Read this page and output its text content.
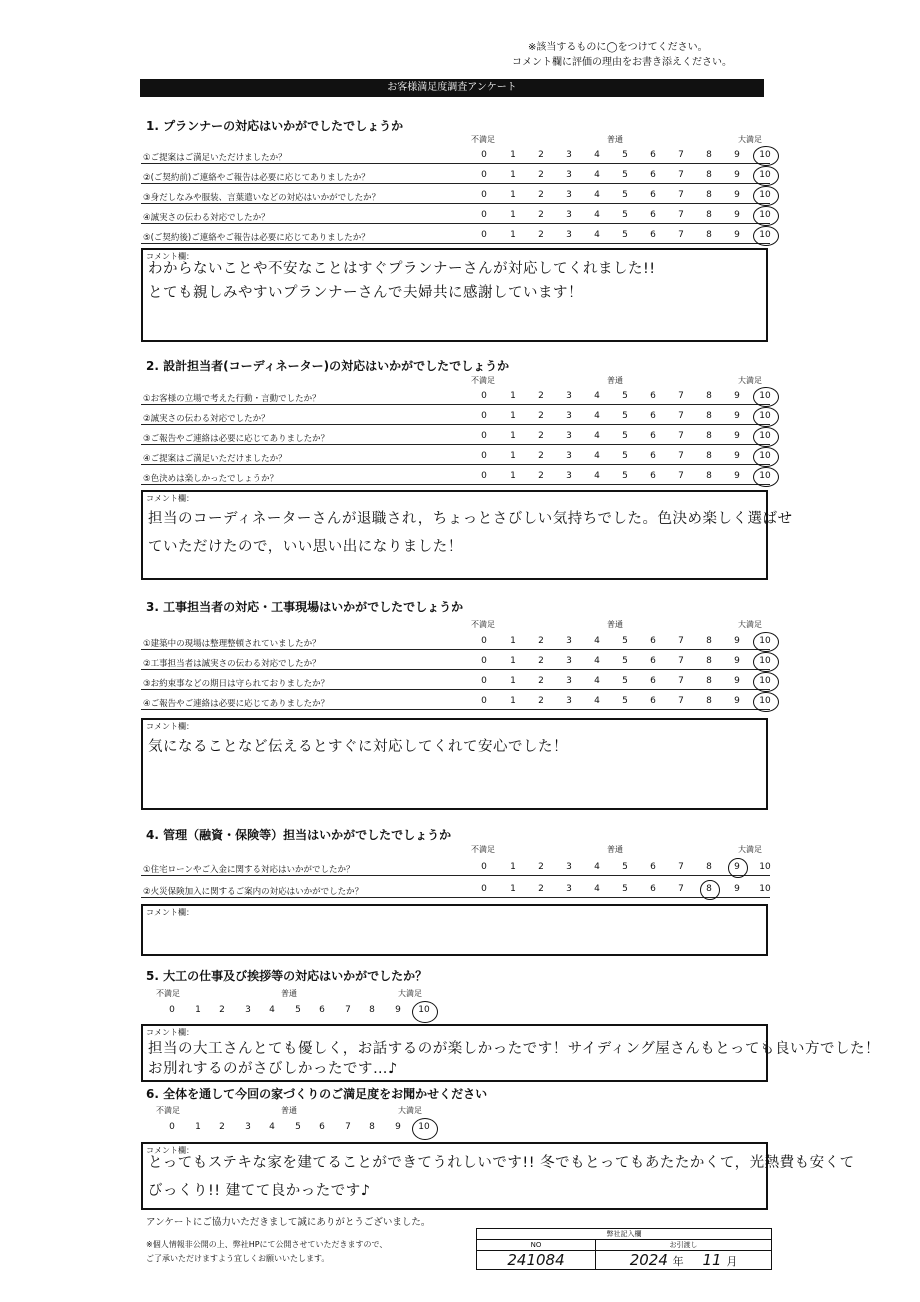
※該当するものに◯をつけてください。
コメント欄に評価の理由をお書き添えください。
お客様満足度調査アンケート
1. プランナーの対応はいかがでしたでしょうか
不満足	普通	大満足
①ご提案はご満足いただけましたか？	0	1	2	3	4	5	6	7	8	9	10
②(ご契約前)ご連絡やご報告は必要に応じてありましたか？	0	1	2	3	4	5	6	7	8	9	10
③身だしなみや服装、言葉遣いなどの対応はいかがでしたか？	0	1	2	3	4	5	6	7	8	9	10
④誠実さの伝わる対応でしたか？	0	1	2	3	4	5	6	7	8	9	10
⑤(ご契約後)ご連絡やご報告は必要に応じてありましたか？	0	1	2	3	4	5	6	7	8	9	10
コメント欄：
わからないことや不安なことはすぐプランナーさんが対応してくれました!!
とても親しみやすいプランナーさんで夫婦共に感謝しています！
2. 設計担当者(コーディネーター)の対応はいかがでしたでしょうか
不満足	普通	大満足
①お客様の立場で考えた行動・言動でしたか？	0	1	2	3	4	5	6	7	8	9	10
②誠実さの伝わる対応でしたか？	0	1	2	3	4	5	6	7	8	9	10
③ご報告やご連絡は必要に応じてありましたか？	0	1	2	3	4	5	6	7	8	9	10
④ご提案はご満足いただけましたか？	0	1	2	3	4	5	6	7	8	9	10
⑤色決めは楽しかったでしょうか？	0	1	2	3	4	5	6	7	8	9	10
コメント欄：
担当のコーディネーターさんが退職され，ちょっとさびしい気持ちでした。色決め楽しく選ばせ
ていただけたので，いい思い出になりました！
3. 工事担当者の対応・工事現場はいかがでしたでしょうか
不満足	普通	大満足
①建築中の現場は整理整頓されていましたか？	0	1	2	3	4	5	6	7	8	9	10
②工事担当者は誠実さの伝わる対応でしたか？	0	1	2	3	4	5	6	7	8	9	10
③お約束事などの期日は守られておりましたか？	0	1	2	3	4	5	6	7	8	9	10
④ご報告やご連絡は必要に応じてありましたか？	0	1	2	3	4	5	6	7	8	9	10
コメント欄：
気になることなど伝えるとすぐに対応してくれて安心でした！
4. 管理（融資・保険等）担当はいかがでしたでしょうか
不満足	普通	大満足
①住宅ローンやご入金に関する対応はいかがでしたか？	0	1	2	3	4	5	6	7	8	9	10
②火災保険加入に関するご案内の対応はいかがでしたか？	0	1	2	3	4	5	6	7	8	9	10
コメント欄：
5. 大工の仕事及び挨拶等の対応はいかがでしたか？
不満足	普通	大満足
0	1	2	3	4	5	6	7	8	9	10
コメント欄：
担当の大工さんとても優しく，お話するのが楽しかったです！サイディング屋さんもとっても良い方でした！
お別れするのがさびしかったです…♪
6. 全体を通して今回の家づくりのご満足度をお聞かせください
不満足	普通	大満足
0	1	2	3	4	5	6	7	8	9	10
コメント欄：
とってもステキな家を建てることができてうれしいです!! 冬でもとってもあたたかくて，光熱費も安くて
びっくり!! 建てて良かったです♪
アンケートにご協力いただきまして誠にありがとうございました。
※個人情報非公開の上、弊社HPにて公開させていただきますので、
ご了承いただけますよう宜しくお願いいたします。
弊社記入欄	
NO	お引渡し
241084	2024 年 11 月
